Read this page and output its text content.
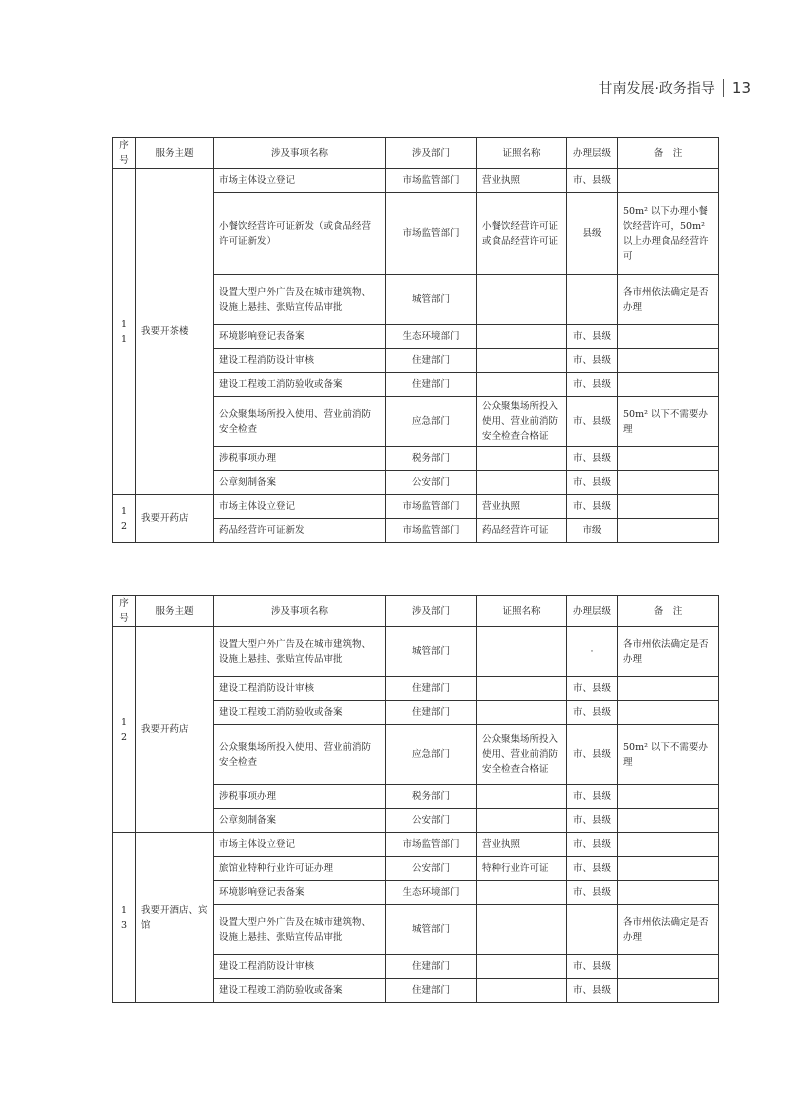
甘南发展·政务指导 13
序号	服务主题	涉及事项名称	涉及部门	证照名称	办理层级	备　注
11	我要开茶楼	市场主体设立登记	市场监管部门	营业执照	市、县级	
		小餐饮经营许可证新发（或食品经营许可证新发）	市场监管部门	小餐饮经营许可证或食品经营许可证	县级	50m² 以下办理小餐饮经营许可，50m² 以上办理食品经营许可
		设置大型户外广告及在城市建筑物、设施上悬挂、张贴宣传品审批	城管部门			各市州依法确定是否办理
		环境影响登记表备案	生态环境部门		市、县级	
		建设工程消防设计审核	住建部门		市、县级	
		建设工程竣工消防验收或备案	住建部门		市、县级	
		公众聚集场所投入使用、营业前消防安全检查	应急部门	公众聚集场所投入使用、营业前消防安全检查合格证	市、县级	50m² 以下不需要办理
		涉税事项办理	税务部门		市、县级	
		公章刻制备案	公安部门		市、县级	
12	我要开药店	市场主体设立登记	市场监管部门	营业执照	市、县级	
		药品经营许可证新发	市场监管部门	药品经营许可证	市级	
序号	服务主题	涉及事项名称	涉及部门	证照名称	办理层级	备　注
12	我要开药店	设置大型户外广告及在城市建筑物、设施上悬挂、张贴宣传品审批	城管部门		·	各市州依法确定是否办理
		建设工程消防设计审核	住建部门		市、县级	
		建设工程竣工消防验收或备案	住建部门		市、县级	
		公众聚集场所投入使用、营业前消防安全检查	应急部门	公众聚集场所投入使用、营业前消防安全检查合格证	市、县级	50m² 以下不需要办理
		涉税事项办理	税务部门		市、县级	
		公章刻制备案	公安部门		市、县级	
13	我要开酒店、宾馆	市场主体设立登记	市场监管部门	营业执照	市、县级	
		旅馆业特种行业许可证办理	公安部门	特种行业许可证	市、县级	
		环境影响登记表备案	生态环境部门		市、县级	
		设置大型户外广告及在城市建筑物、设施上悬挂、张贴宣传品审批	城管部门			各市州依法确定是否办理
		建设工程消防设计审核	住建部门		市、县级	
		建设工程竣工消防验收或备案	住建部门		市、县级	
